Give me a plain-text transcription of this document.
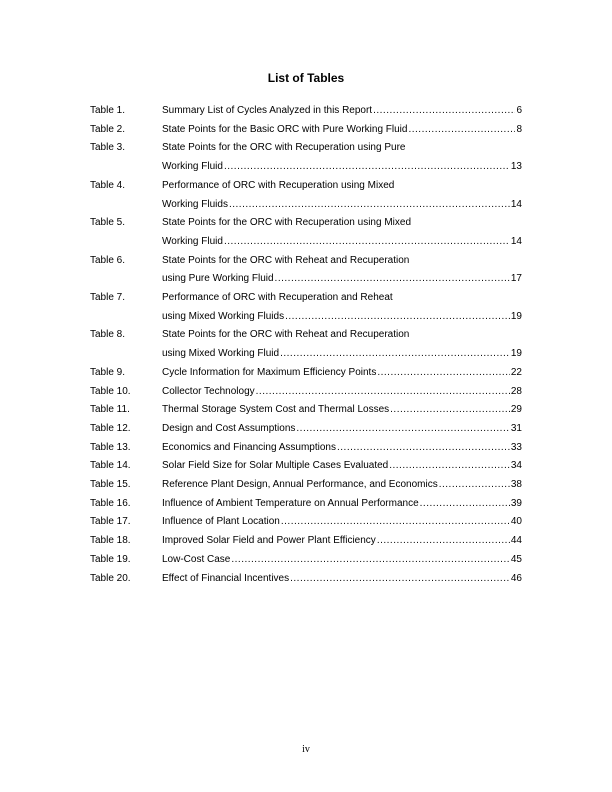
List of Tables
Table 1.	Summary List of Cycles Analyzed in this Report .....	6
Table 2.	State Points for the Basic ORC with Pure Working Fluid .....	8
Table 3.	State Points for the ORC with Recuperation using Pure
Working Fluid .....	13
Table 4.	Performance of ORC with Recuperation using Mixed
Working Fluids .....	14
Table 5.	State Points for the ORC with Recuperation using Mixed
Working Fluid .....	14
Table 6.	State Points for the ORC with Reheat and Recuperation
using Pure Working Fluid .....	17
Table 7.	Performance of ORC with Recuperation and Reheat
using Mixed Working Fluids .....	19
Table 8.	State Points for the ORC with Reheat and Recuperation
using Mixed Working Fluid .....	19
Table 9.	Cycle Information for Maximum Efficiency Points .....	22
Table 10.	Collector Technology .....	28
Table 11.	Thermal Storage System Cost and Thermal Losses .....	29
Table 12.	Design and Cost Assumptions .....	31
Table 13.	Economics and Financing Assumptions .....	33
Table 14.	Solar Field Size for Solar Multiple Cases Evaluated .....	34
Table 15.	Reference Plant Design, Annual Performance, and Economics .....	38
Table 16.	Influence of Ambient Temperature on Annual Performance .....	39
Table 17.	Influence of Plant Location .....	40
Table 18.	Improved Solar Field and Power Plant Efficiency .....	44
Table 19.	Low-Cost Case .....	45
Table 20.	Effect of Financial Incentives .....	46
iv
